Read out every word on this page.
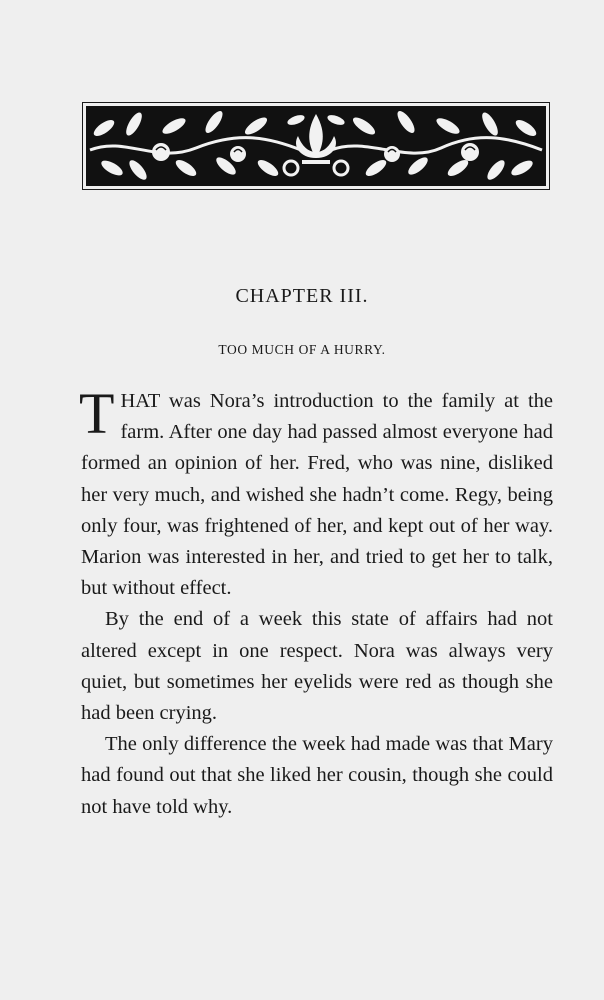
CHAPTER III.
TOO MUCH OF A HURRY.

THAT was Nora’s introduction to the family at the farm. After one day had passed almost everyone had formed an opinion of her. Fred, who was nine, disliked her very much, and wished she hadn’t come. Regy, being only four, was frightened of her, and kept out of her way. Marion was interested in her, and tried to get her to talk, but without effect.

By the end of a week this state of affairs had not altered except in one respect. Nora was always very quiet, but sometimes her eyelids were red as though she had been crying.

The only difference the week had made was that Mary had found out that she liked her cousin, though she could not have told why.
